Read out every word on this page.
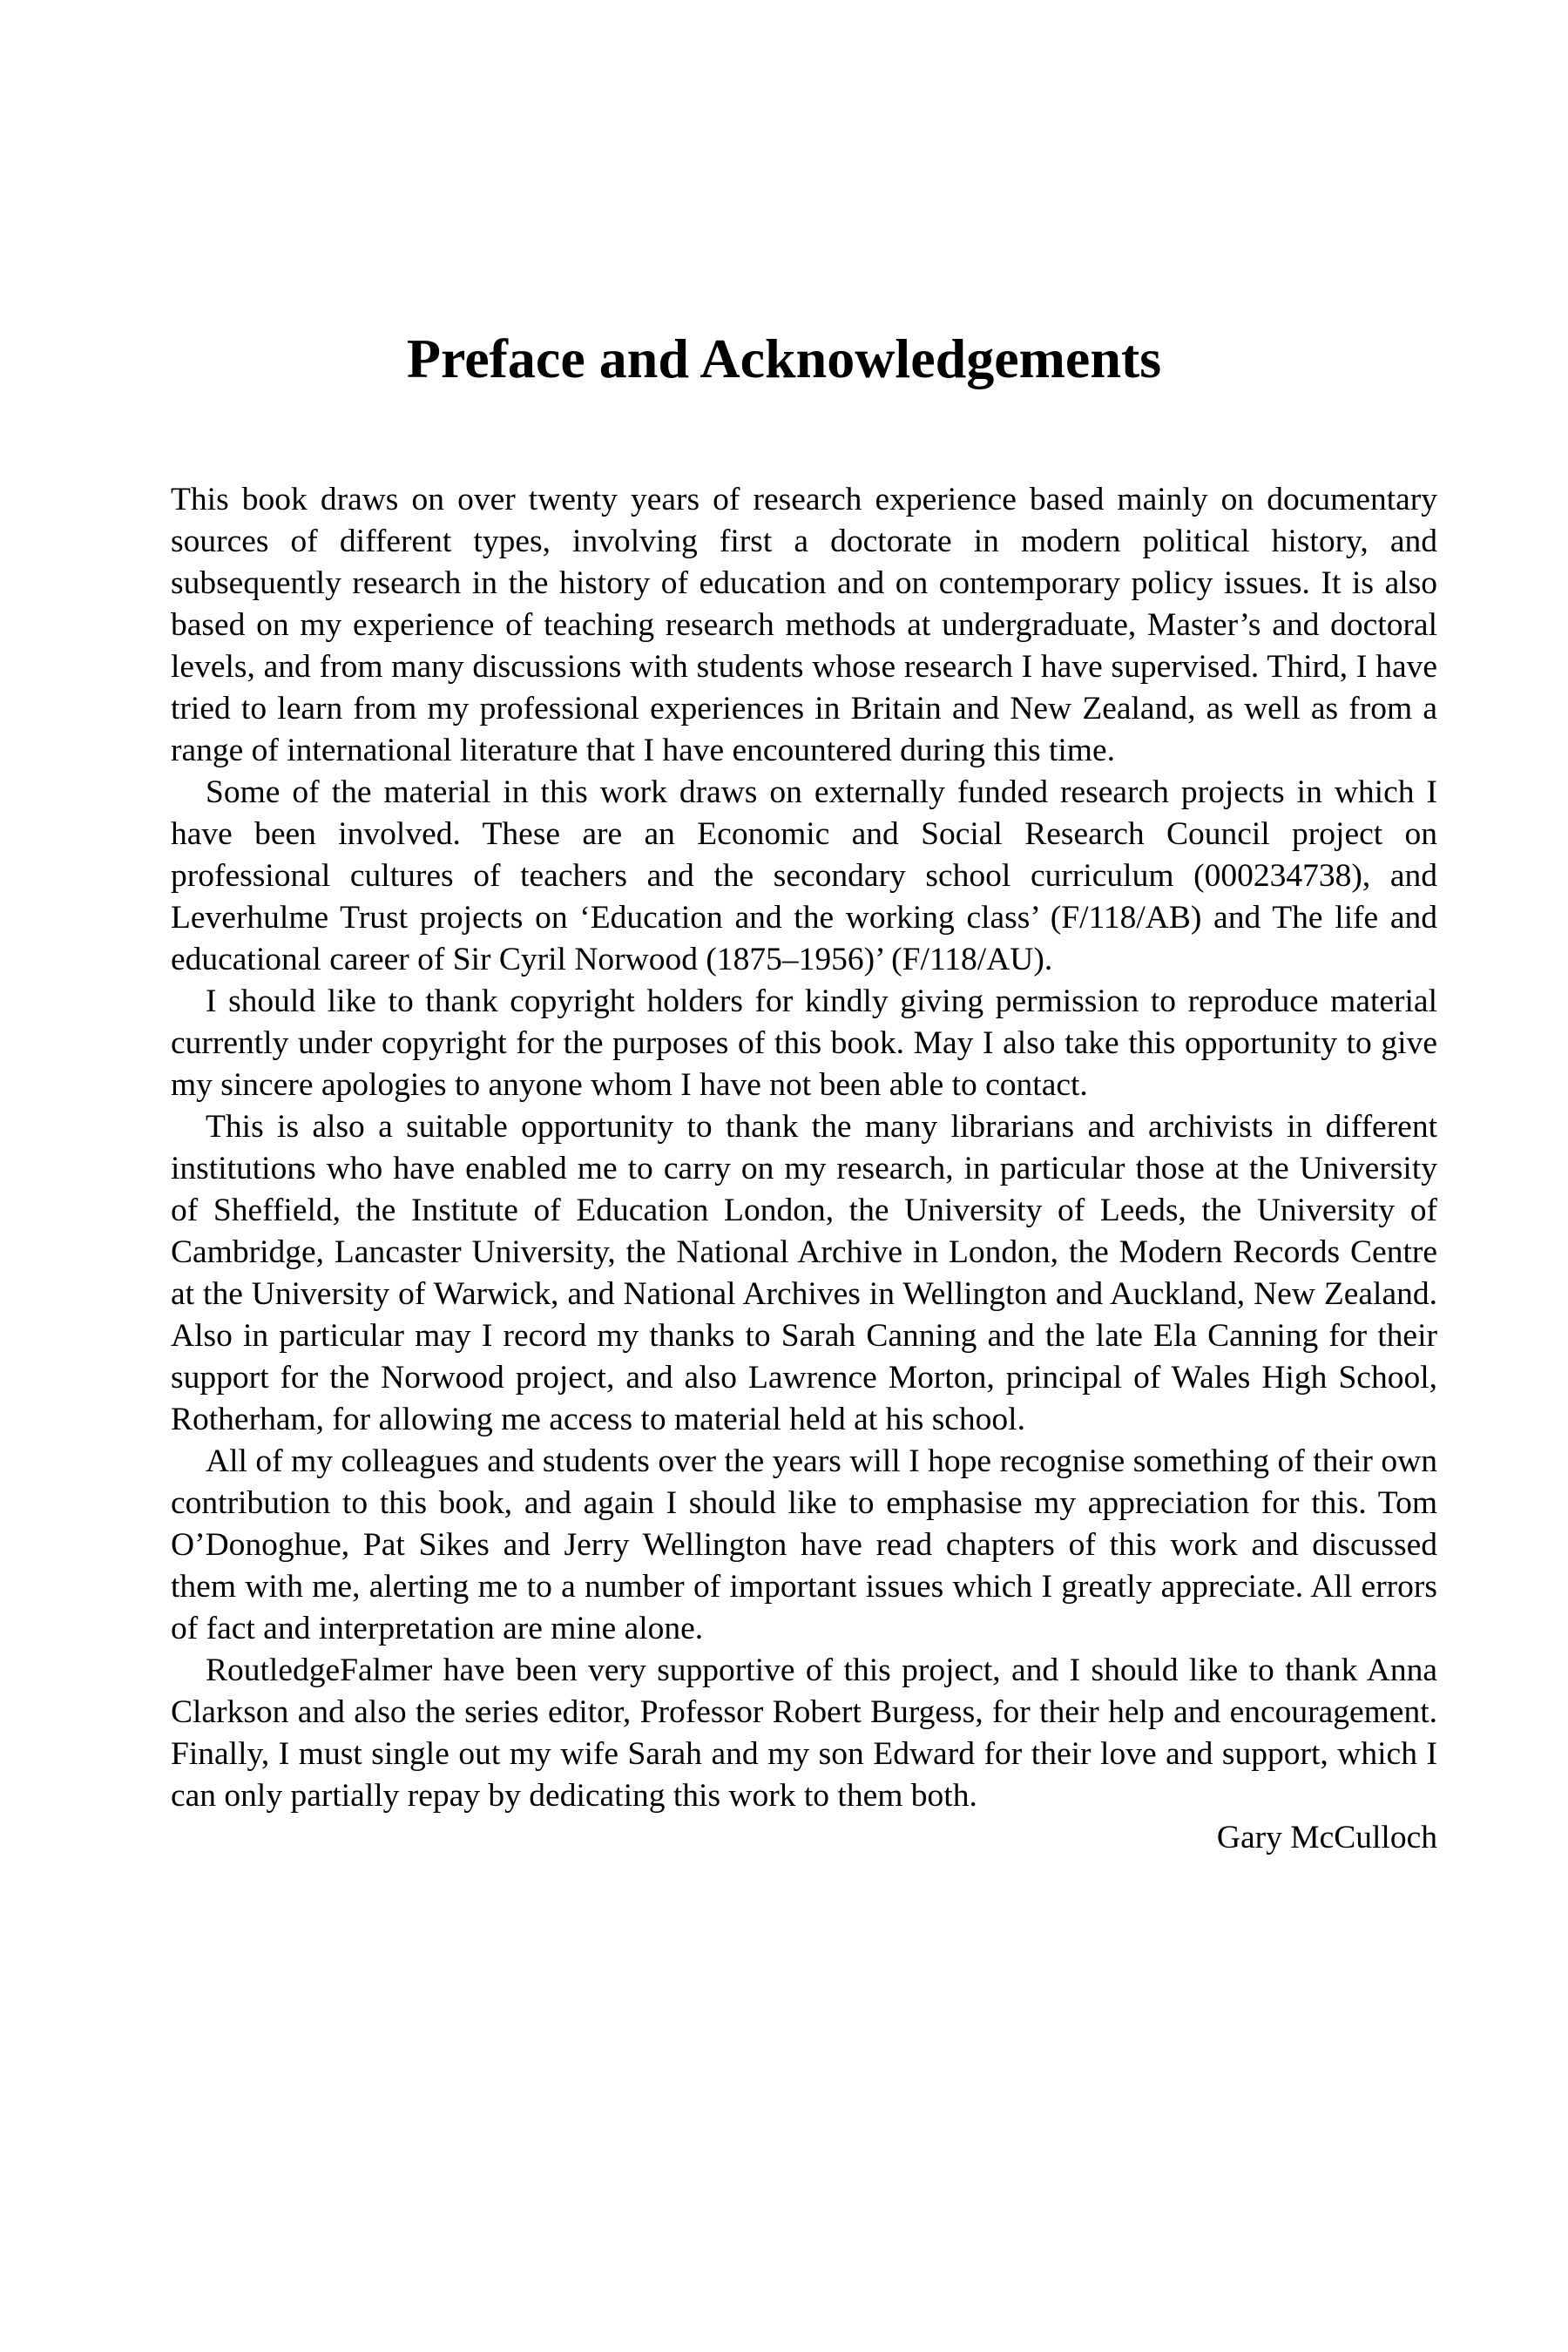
Preface and Acknowledgements

This book draws on over twenty years of research experience based mainly on documentary sources of different types, involving first a doctorate in modern political history, and subsequently research in the history of education and on contemporary policy issues. It is also based on my experience of teaching research methods at undergraduate, Master’s and doctoral levels, and from many discussions with students whose research I have supervised. Third, I have tried to learn from my professional experiences in Britain and New Zealand, as well as from a range of international literature that I have encountered during this time.

Some of the material in this work draws on externally funded research projects in which I have been involved. These are an Economic and Social Research Council project on professional cultures of teachers and the secondary school curriculum (000234738), and Leverhulme Trust projects on ‘Education and the working class’ (F/118/AB) and The life and educational career of Sir Cyril Norwood (1875–1956)’ (F/118/AU).

I should like to thank copyright holders for kindly giving permission to reproduce material currently under copyright for the purposes of this book. May I also take this opportunity to give my sincere apologies to anyone whom I have not been able to contact.

This is also a suitable opportunity to thank the many librarians and archivists in different institutions who have enabled me to carry on my research, in particular those at the University of Sheffield, the Institute of Education London, the University of Leeds, the University of Cambridge, Lancaster University, the National Archive in London, the Modern Records Centre at the University of Warwick, and National Archives in Wellington and Auckland, New Zealand. Also in particular may I record my thanks to Sarah Canning and the late Ela Canning for their support for the Norwood project, and also Lawrence Morton, principal of Wales High School, Rotherham, for allowing me access to material held at his school.

All of my colleagues and students over the years will I hope recognise something of their own contribution to this book, and again I should like to emphasise my appreciation for this. Tom O’Donoghue, Pat Sikes and Jerry Wellington have read chapters of this work and discussed them with me, alerting me to a number of important issues which I greatly appreciate. All errors of fact and interpretation are mine alone.

RoutledgeFalmer have been very supportive of this project, and I should like to thank Anna Clarkson and also the series editor, Professor Robert Burgess, for their help and encouragement. Finally, I must single out my wife Sarah and my son Edward for their love and support, which I can only partially repay by dedicating this work to them both.

Gary McCulloch
